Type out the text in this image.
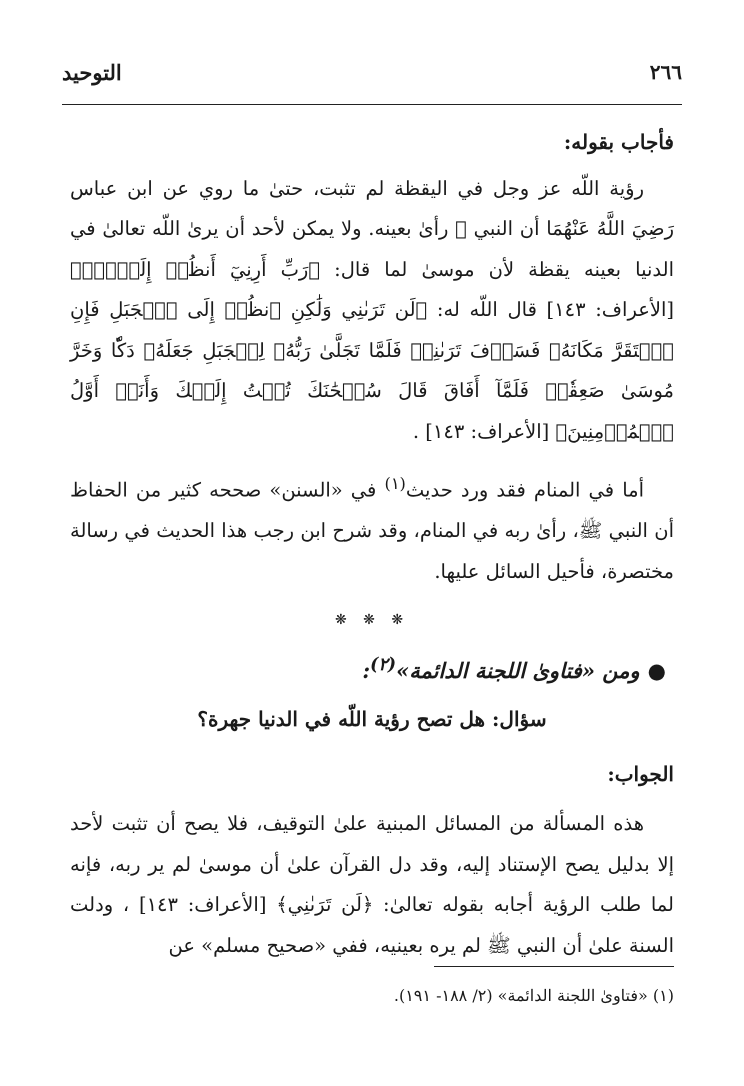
التوحيد	٢٦٦

فأجاب بقوله:

رؤية اللّه عز وجل في اليقظة لم تثبت، حتىٰ ما روي عن ابن عباس رَضِيَ اللَّهُ عَنْهُمَا أن النبي ﷺ رأىٰ بعينه. ولا يمكن لأحد أن يرىٰ اللّه تعالىٰ في الدنيا بعينه يقظة لأن موسىٰ لما قال: ﴿رَبِّ أَرِنِيٓ أَنظُرۡ إِلَيۡكَۚ﴾ [الأعراف: ١٤٣] قال اللّه له: ﴿لَن تَرَىٰنِي وَلَٰكِنِ ٱنظُرۡ إِلَى ٱلۡجَبَلِ فَإِنِ ٱسۡتَقَرَّ مَكَانَهُۥ فَسَوۡفَ تَرَىٰنِيۚ فَلَمَّا تَجَلَّىٰ رَبُّهُۥ لِلۡجَبَلِ جَعَلَهُۥ دَكّٗا وَخَرَّ مُوسَىٰ صَعِقٗاۚ فَلَمَّآ أَفَاقَ قَالَ سُبۡحَٰنَكَ تُبۡتُ إِلَيۡكَ وَأَنَا۠ أَوَّلُ ٱلۡمُؤۡمِنِينَ﴾ [الأعراف: ١٤٣] .

أما في المنام فقد ورد حديث$^{(١)}$ في «السنن» صححه كثير من الحفاظ أن النبي ﷺ، رأىٰ ربه في المنام، وقد شرح ابن رجب هذا الحديث في رسالة مختصرة، فأحيل السائل عليها.

❋ ❋ ❋

●ومن «فتاوىٰ اللجنة الدائمة»$^{(٢)}$:

سؤال: هل تصح رؤية اللّه في الدنيا جهرة؟

الجواب:

هذه المسألة من المسائل المبنية علىٰ التوقيف، فلا يصح أن تثبت لأحد إلا بدليل يصح الإستناد إليه، وقد دل القرآن علىٰ أن موسىٰ لم ير ربه، فإنه لما طلب الرؤية أجابه بقوله تعالىٰ: ﴿لَن تَرَىٰنِي﴾ [الأعراف: ١٤٣] ، ودلت السنة علىٰ أن النبي ﷺ لم يره بعينيه، ففي «صحيح مسلم» عن

(١) «فتاوىٰ اللجنة الدائمة» (٢/ ١٨٨- ١٩١).
